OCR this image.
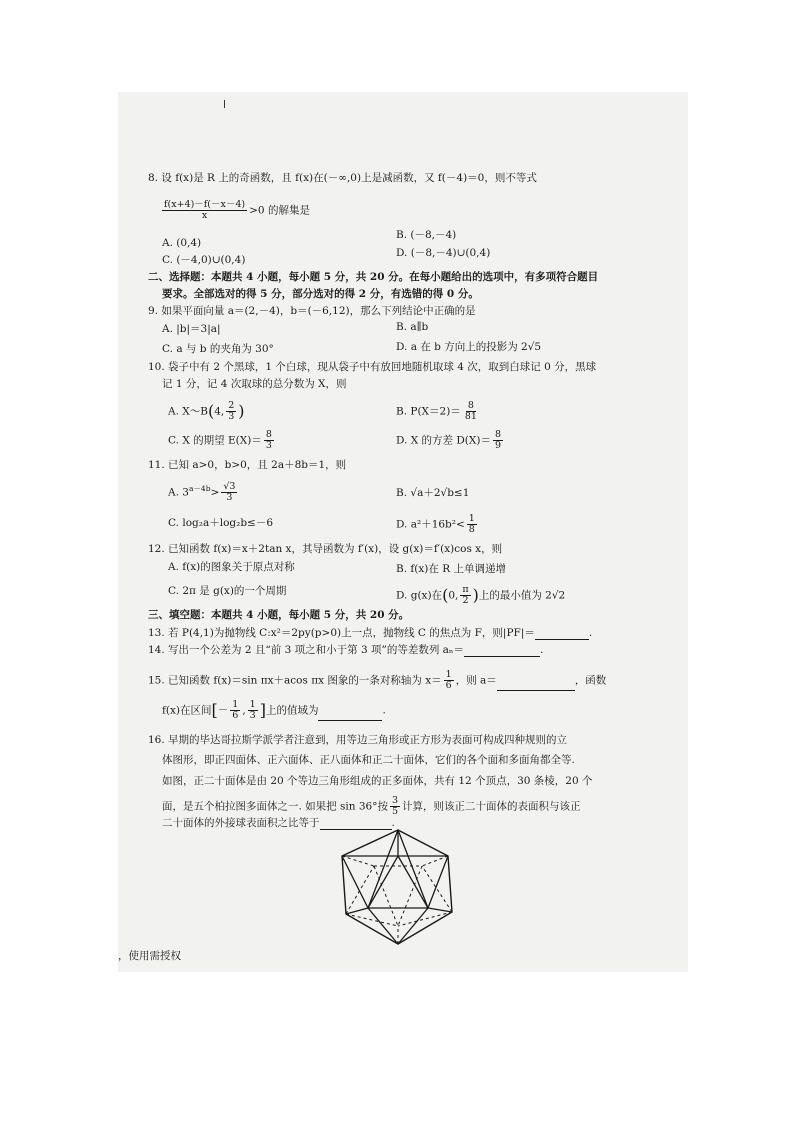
8. 设 f(x)是 R 上的奇函数，且 f(x)在(－∞,0)上是减函数，又 f(－4)＝0，则不等式
$\frac{f(x+4)-f(-x-4)}{x} >0$ 的解集是
A. (0,4)
B. (－8,－4)
C. (－4,0)∪(0,4)
D. (－8,－4)∪(0,4)
二、选择题：本题共 4 小题，每小题 5 分，共 20 分。在每小题给出的选项中，有多项符合题目
要求。全部选对的得 5 分，部分选对的得 2 分，有选错的得 0 分。
9. 如果平面向量 a＝(2,－4)，b＝(－6,12)，那么下列结论中正确的是
A. |b|＝3|a|	B. a∥b
C. a 与 b 的夹角为 30°	D. a 在 b 方向上的投影为 2√5
10. 袋子中有 2 个黑球，1 个白球，现从袋子中有放回地随机取球 4 次，取到白球记 0 分，黑球
记 1 分，记 4 次取球的总分数为 X，则
A. X～B(4, $\frac{2}{3}$ )	B. $P(X=2)= \frac{8}{81}$
C. X 的期望 $E(X)= \frac{8}{3}$	D. X 的方差 $D(X)= \frac{8}{9}$
11. 已知 a>0，b>0，且 2a＋8b＝1，则
A. $3^{a-4b}> \frac{√3}{3}$	B. √a＋2√b≤1
C. log₂a＋log₂b≤－6	D. $a^2+16b^2< \frac{1}{8}$
12. 已知函数 f(x)＝x＋2tan x，其导函数为 f′(x)，设 g(x)＝f′(x)cos x，则
A. f(x)的图象关于原点对称	B. f(x)在 R 上单调递增
C. 2π 是 g(x)的一个周期	D. g(x)在(0, $\frac{\pi}{2}$ )上的最小值为 2√2
三、填空题：本题共 4 小题，每小题 5 分，共 20 分。
13. 若 P(4,1)为抛物线 C:x²＝2py(p>0)上一点，抛物线 C 的焦点为 F，则|PF|＝	.
14. 写出一个公差为 2 且“前 3 项之和小于第 3 项”的等差数列 aₙ＝	.
15. 已知函数 f(x)＝sin πx＋acos πx 图象的一条对称轴为 $x= \frac{1}{6}$ ，则 a＝	，函数
f(x)在区间[－ $\frac{1}{6}$ , $\frac{1}{3}$ ]上的值域为	.
16. 早期的毕达哥拉斯学派学者注意到，用等边三角形或正方形为表面可构成四种规则的立
体图形，即正四面体、正六面体、正八面体和正二十面体，它们的各个面和多面角都全等.
如图，正二十面体是由 20 个等边三角形组成的正多面体，共有 12 个顶点，30 条棱，20 个
面，是五个柏拉图多面体之一. 如果把 sin 36°按 $\frac{3}{5}$ 计算，则该正二十面体的表面积与该正
二十面体的外接球表面积之比等于	.
，使用需授权
